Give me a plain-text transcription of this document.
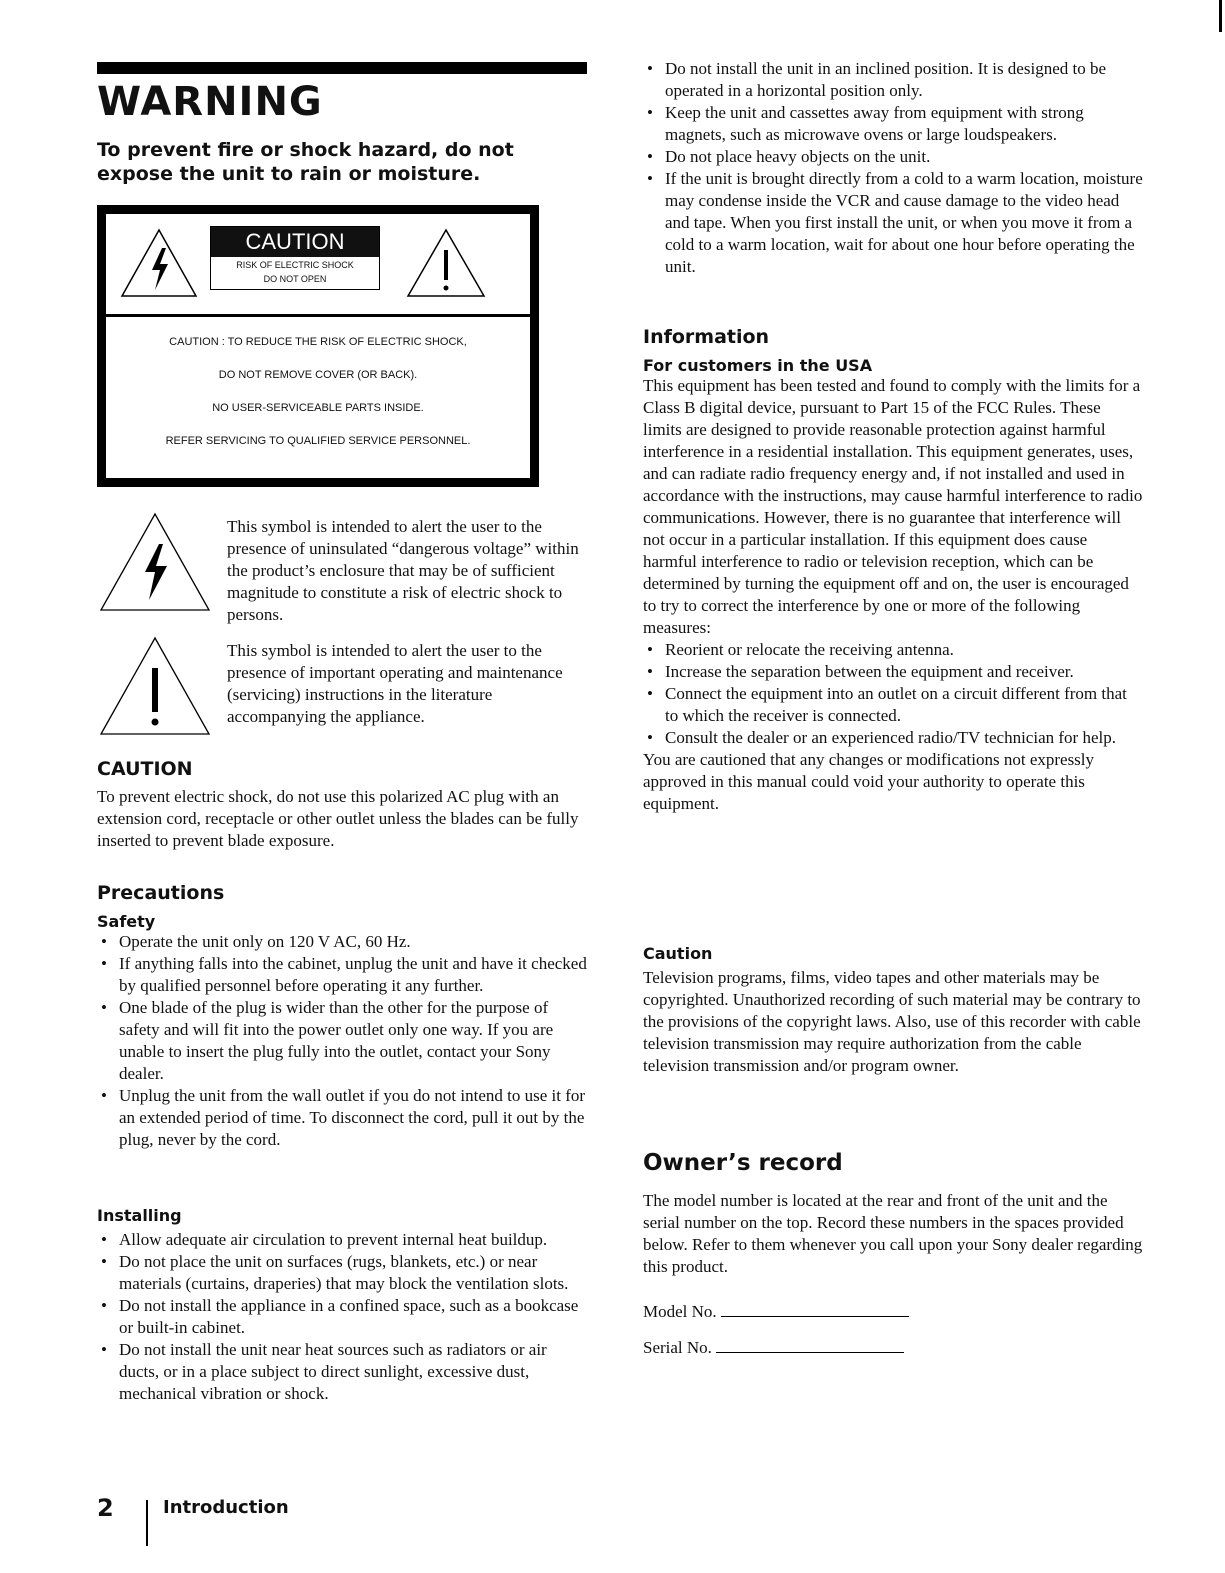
WARNING

To prevent fire or shock hazard, do not expose the unit to rain or moisture.

CAUTION
RISK OF ELECTRIC SHOCK
DO NOT OPEN
CAUTION : TO REDUCE THE RISK OF ELECTRIC SHOCK,
DO NOT REMOVE COVER (OR BACK).
NO USER-SERVICEABLE PARTS INSIDE.
REFER SERVICING TO QUALIFIED SERVICE PERSONNEL.
This symbol is intended to alert the user to the presence of uninsulated “dangerous voltage” within the product’s enclosure that may be of sufficient magnitude to constitute a risk of electric shock to persons.
This symbol is intended to alert the user to the presence of important operating and maintenance (servicing) instructions in the literature accompanying the appliance.
CAUTION

To prevent electric shock, do not use this polarized AC plug with an extension cord, receptacle or other outlet unless the blades can be fully inserted to prevent blade exposure.

Precautions
Safety
• Operate the unit only on 120 V AC, 60 Hz.
• If anything falls into the cabinet, unplug the unit and have it checked by qualified personnel before operating it any further.
• One blade of the plug is wider than the other for the purpose of safety and will fit into the power outlet only one way. If you are unable to insert the plug fully into the outlet, contact your Sony dealer.
• Unplug the unit from the wall outlet if you do not intend to use it for an extended period of time. To disconnect the cord, pull it out by the plug, never by the cord.
Installing
• Allow adequate air circulation to prevent internal heat buildup.
• Do not place the unit on surfaces (rugs, blankets, etc.) or near materials (curtains, draperies) that may block the ventilation slots.
• Do not install the appliance in a confined space, such as a bookcase or built-in cabinet.
• Do not install the unit near heat sources such as radiators or air ducts, or in a place subject to direct sunlight, excessive dust, mechanical vibration or shock.
• Do not install the unit in an inclined position. It is designed to be operated in a horizontal position only.
• Keep the unit and cassettes away from equipment with strong magnets, such as microwave ovens or large loudspeakers.
• Do not place heavy objects on the unit.
• If the unit is brought directly from a cold to a warm location, moisture may condense inside the VCR and cause damage to the video head and tape. When you first install the unit, or when you move it from a cold to a warm location, wait for about one hour before operating the unit.
Information
For customers in the USA

This equipment has been tested and found to comply with the limits for a Class B digital device, pursuant to Part 15 of the FCC Rules. These limits are designed to provide reasonable protection against harmful interference in a residential installation. This equipment generates, uses, and can radiate radio frequency energy and, if not installed and used in accordance with the instructions, may cause harmful interference to radio communications. However, there is no guarantee that interference will not occur in a particular installation. If this equipment does cause harmful interference to radio or television reception, which can be determined by turning the equipment off and on, the user is encouraged to try to correct the interference by one or more of the following measures:

• Reorient or relocate the receiving antenna.
• Increase the separation between the equipment and receiver.
• Connect the equipment into an outlet on a circuit different from that to which the receiver is connected.
• Consult the dealer or an experienced radio/TV technician for help.

You are cautioned that any changes or modifications not expressly approved in this manual could void your authority to operate this equipment.

Caution

Television programs, films, video tapes and other materials may be copyrighted. Unauthorized recording of such material may be contrary to the provisions of the copyright laws. Also, use of this recorder with cable television transmission may require authorization from the cable television transmission and/or program owner.

Owner’s record

The model number is located at the rear and front of the unit and the serial number on the top. Record these numbers in the spaces provided below. Refer to them whenever you call upon your Sony dealer regarding this product.

Model No.
Serial No.
2	Introduction
